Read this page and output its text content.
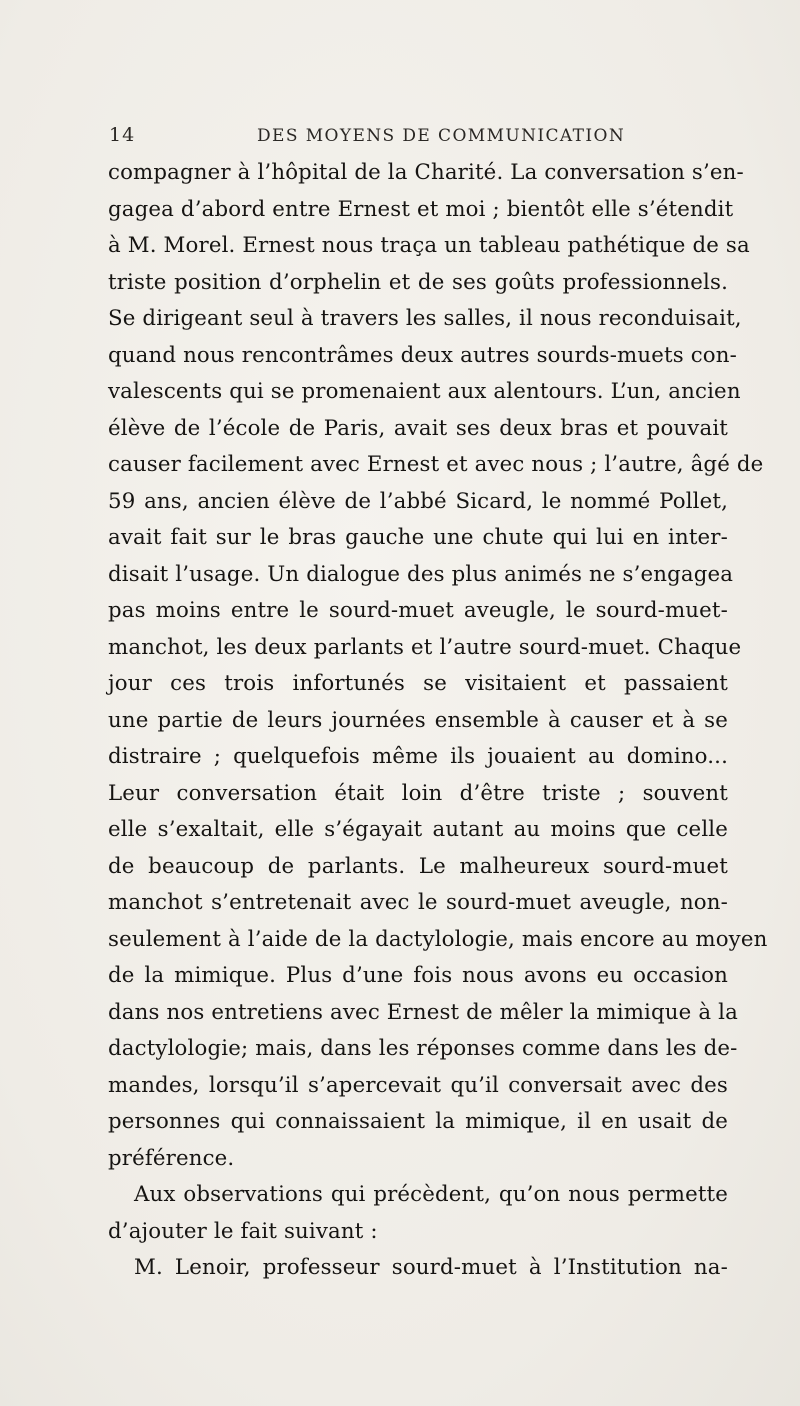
14	DES MOYENS DE COMMUNICATION
compagner à l’hôpital de la Charité. La conversation s’en-
gagea d’abord entre Ernest et moi ; bientôt elle s’étendit
à M. Morel. Ernest nous traça un tableau pathétique de sa
triste position d’orphelin et de ses goûts professionnels.
Se dirigeant seul à travers les salles, il nous reconduisait,
quand nous rencontrâmes deux autres sourds-muets con-
valescents qui se promenaient aux alentours. L’un, ancien
élève de l’école de Paris, avait ses deux bras et pouvait
causer facilement avec Ernest et avec nous ; l’autre, âgé de
59 ans, ancien élève de l’abbé Sicard, le nommé Pollet,
avait fait sur le bras gauche une chute qui lui en inter-
disait l’usage. Un dialogue des plus animés ne s’engagea
pas moins entre le sourd-muet aveugle, le sourd-muet-
manchot, les deux parlants et l’autre sourd-muet. Chaque
jour ces trois infortunés se visitaient et passaient
une partie de leurs journées ensemble à causer et à se
distraire ; quelquefois même ils jouaient au domino...
Leur conversation était loin d’être triste ; souvent
elle s’exaltait, elle s’égayait autant au moins que celle
de beaucoup de parlants. Le malheureux sourd-muet
manchot s’entretenait avec le sourd-muet aveugle, non-
seulement à l’aide de la dactylologie, mais encore au moyen
de la mimique. Plus d’une fois nous avons eu occasion
dans nos entretiens avec Ernest de mêler la mimique à la
dactylologie; mais, dans les réponses comme dans les de-
mandes, lorsqu’il s’apercevait qu’il conversait avec des
personnes qui connaissaient la mimique, il en usait de
préférence.
Aux observations qui précèdent, qu’on nous permette
d’ajouter le fait suivant :
M. Lenoir, professeur sourd-muet à l’Institution na-
